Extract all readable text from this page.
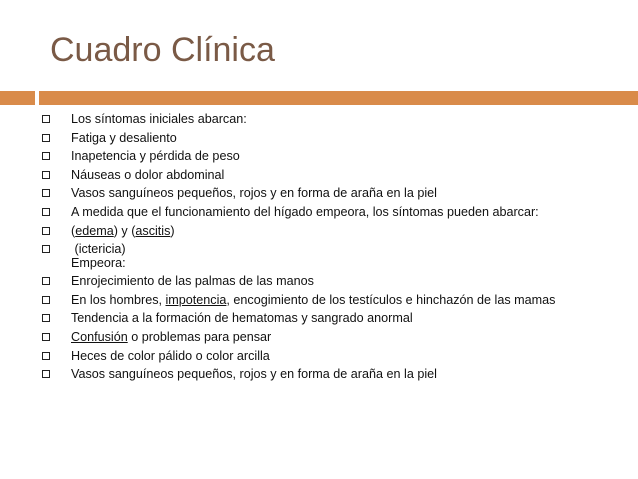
Cuadro Clínica
Los síntomas iniciales abarcan:
Fatiga y desaliento
Inapetencia y pérdida de peso
Náuseas o dolor abdominal
Vasos sanguíneos pequeños, rojos y en forma de araña en la piel
A medida que el funcionamiento del hígado empeora, los síntomas pueden abarcar:
(edema) y (ascitis)
(ictericia)
Empeora:
Enrojecimiento de las palmas de las manos
En los hombres, impotencia, encogimiento de los testículos e hinchazón de las mamas
Tendencia a la formación de hematomas y sangrado anormal
Confusión o problemas para pensar
Heces de color pálido o color arcilla
Vasos sanguíneos pequeños, rojos y en forma de araña en la piel
